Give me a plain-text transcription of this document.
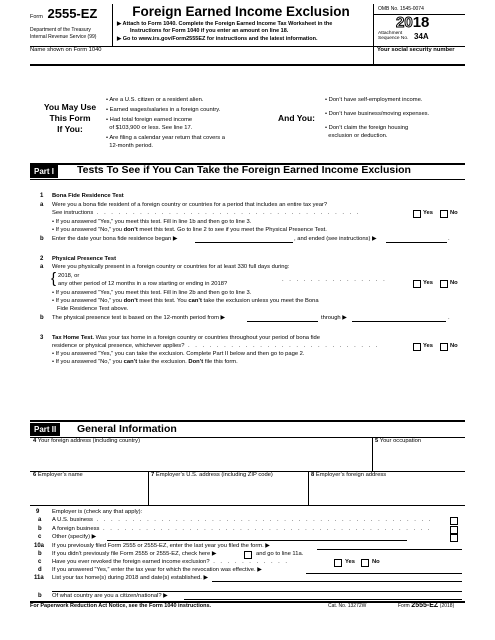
Form 2555-EZ
Department of the Treasury
Internal Revenue Service (99)
Foreign Earned Income Exclusion
▶ Attach to Form 1040. Complete the Foreign Earned Income Tax Worksheet in the
Instructions for Form 1040 if you enter an amount on line 18.
▶ Go to www.irs.gov/Form2555EZ for instructions and the latest information.
OMB No. 1545-0074
2018
Attachment
Sequence No. 34A
Name shown on Form 1040	Your social security number
You May Use
This Form
If You:
• Are a U.S. citizen or a resident alien.
• Earned wages/salaries in a foreign country.
• Had total foreign earned income
of $103,900 or less. See line 17.
• Are filing a calendar year return that covers a
12-month period.
And You:
• Don’t have self-employment income.
• Don’t have business/moving expenses.
• Don’t claim the foreign housing
exclusion or deduction.
Part I	Tests To See if You Can Take the Foreign Earned Income Exclusion
1 Bona Fide Residence Test
a Were you a bona fide resident of a foreign country or countries for a period that includes an entire tax year?
See instructions . . . . . . . . . . . . . . . . . . . . . . . . . . . . . . . . . . . . .	Yes	No
• If you answered “Yes,” you meet this test. Fill in line 1b and then go to line 3.
• If you answered “No,” you don’t meet this test. Go to line 2 to see if you meet the Physical Presence Test.
b Enter the date your bona fide residence began ▶	, and ended (see instructions) ▶	.
2 Physical Presence Test
a Were you physically present in a foreign country or countries for at least 330 full days during:
{ 2018, or
any other period of 12 months in a row starting or ending in 2018?
. . . . . . . . . . . . . . .	Yes	No
• If you answered “Yes,” you meet this test. Fill in line 2b and then go to line 3.
• If you answered “No,” you don’t meet this test. You can’t take the exclusion unless you meet the Bona
Fide Residence Test above.
b The physical presence test is based on the 12-month period from ▶	through ▶	.
3 Tax Home Test. Was your tax home in a foreign country or countries throughout your period of bona fide
residence or physical presence, whichever applies? . . . . . . . . . . . . . . . . . . . . . . . . . . .	Yes	No
• If you answered “Yes,” you can take the exclusion. Complete Part II below and then go to page 2.
• If you answered “No,” you can’t take the exclusion. Don’t file this form.
Part II	General Information
4 Your foreign address (including country)	5 Your occupation
6 Employer’s name	7 Employer’s U.S. address (including ZIP code)	8 Employer’s foreign address
9 Employer is (check any that apply):
a A U.S. business . . . . . . . . . . . . . . . . . . . . . . . . . . . . . . . . . . . . . . . . . . . . . . .
b A foreign business . . . . . . . . . . . . . . . . . . . . . . . . . . . . . . . . . . . . . . . . . . . . . .
c Other (specify) ▶
10a If you previously filed Form 2555 or 2555-EZ, enter the last year you filed the form. ▶
b If you didn’t previously file Form 2555 or 2555-EZ, check here ▶	and go to line 11a.
c Have you ever revoked the foreign earned income exclusion? . . . . . . . . . . .	Yes	No
d If you answered “Yes,” enter the tax year for which the revocation was effective. ▶
11a List your tax home(s) during 2018 and date(s) established. ▶
b Of what country are you a citizen/national? ▶
For Paperwork Reduction Act Notice, see the Form 1040 instructions.	Cat. No. 13272W	Form 2555-EZ (2018)
